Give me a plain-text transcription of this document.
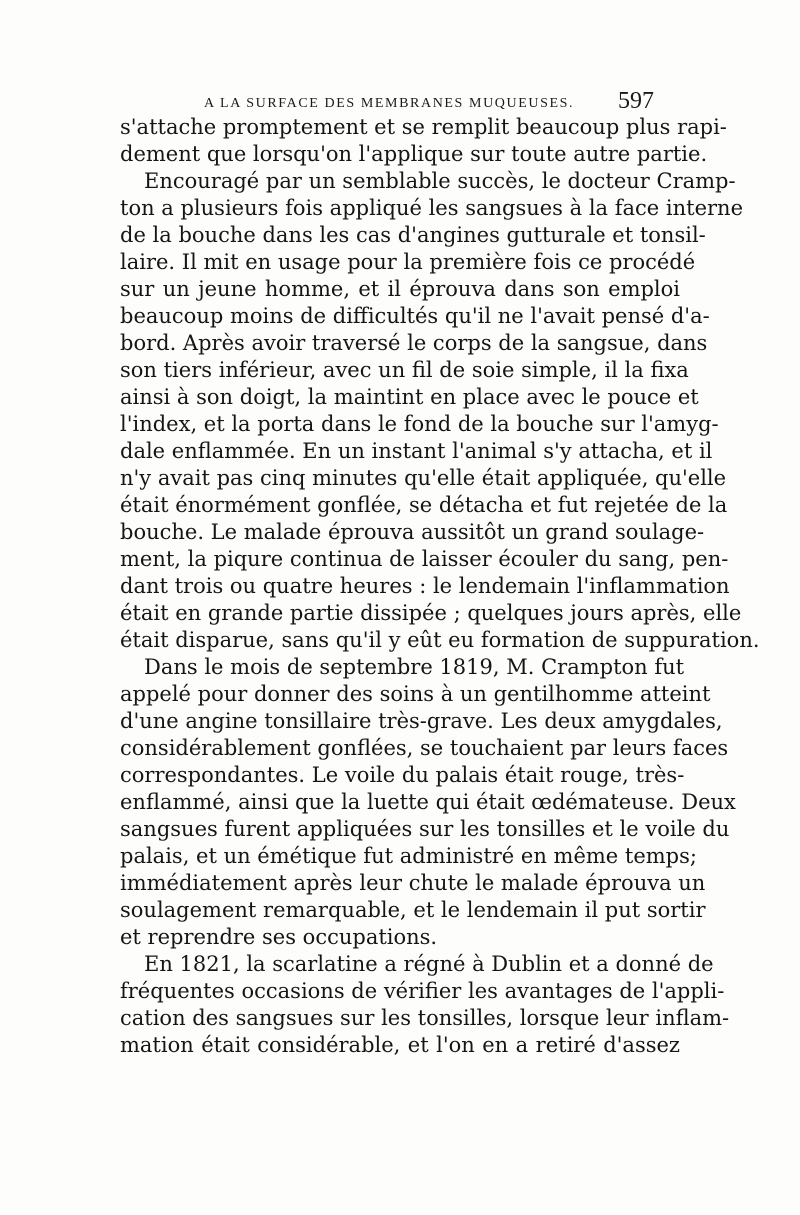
A LA SURFACE DES MEMBRANES MUQUEUSES. 597
s'attache promptement et se remplit beaucoup plus rapi-
dement que lorsqu'on l'applique sur toute autre partie.
Encouragé par un semblable succès, le docteur Cramp-
ton a plusieurs fois appliqué les sangsues à la face interne
de la bouche dans les cas d'angines gutturale et tonsil-
laire. Il mit en usage pour la première fois ce procédé
sur un jeune homme, et il éprouva dans son emploi
beaucoup moins de difficultés qu'il ne l'avait pensé d'a-
bord. Après avoir traversé le corps de la sangsue, dans
son tiers inférieur, avec un fil de soie simple, il la fixa
ainsi à son doigt, la maintint en place avec le pouce et
l'index, et la porta dans le fond de la bouche sur l'amyg-
dale enflammée. En un instant l'animal s'y attacha, et il
n'y avait pas cinq minutes qu'elle était appliquée, qu'elle
était énormément gonflée, se détacha et fut rejetée de la
bouche. Le malade éprouva aussitôt un grand soulage-
ment, la piqure continua de laisser écouler du sang, pen-
dant trois ou quatre heures : le lendemain l'inflammation
était en grande partie dissipée ; quelques jours après, elle
était disparue, sans qu'il y eût eu formation de suppuration.
Dans le mois de septembre 1819, M. Crampton fut
appelé pour donner des soins à un gentilhomme atteint
d'une angine tonsillaire très-grave. Les deux amygdales,
considérablement gonflées, se touchaient par leurs faces
correspondantes. Le voile du palais était rouge, très-
enflammé, ainsi que la luette qui était œdémateuse. Deux
sangsues furent appliquées sur les tonsilles et le voile du
palais, et un émétique fut administré en même temps;
immédiatement après leur chute le malade éprouva un
soulagement remarquable, et le lendemain il put sortir
et reprendre ses occupations.
En 1821, la scarlatine a régné à Dublin et a donné de
fréquentes occasions de vérifier les avantages de l'appli-
cation des sangsues sur les tonsilles, lorsque leur inflam-
mation était considérable, et l'on en a retiré d'assez
